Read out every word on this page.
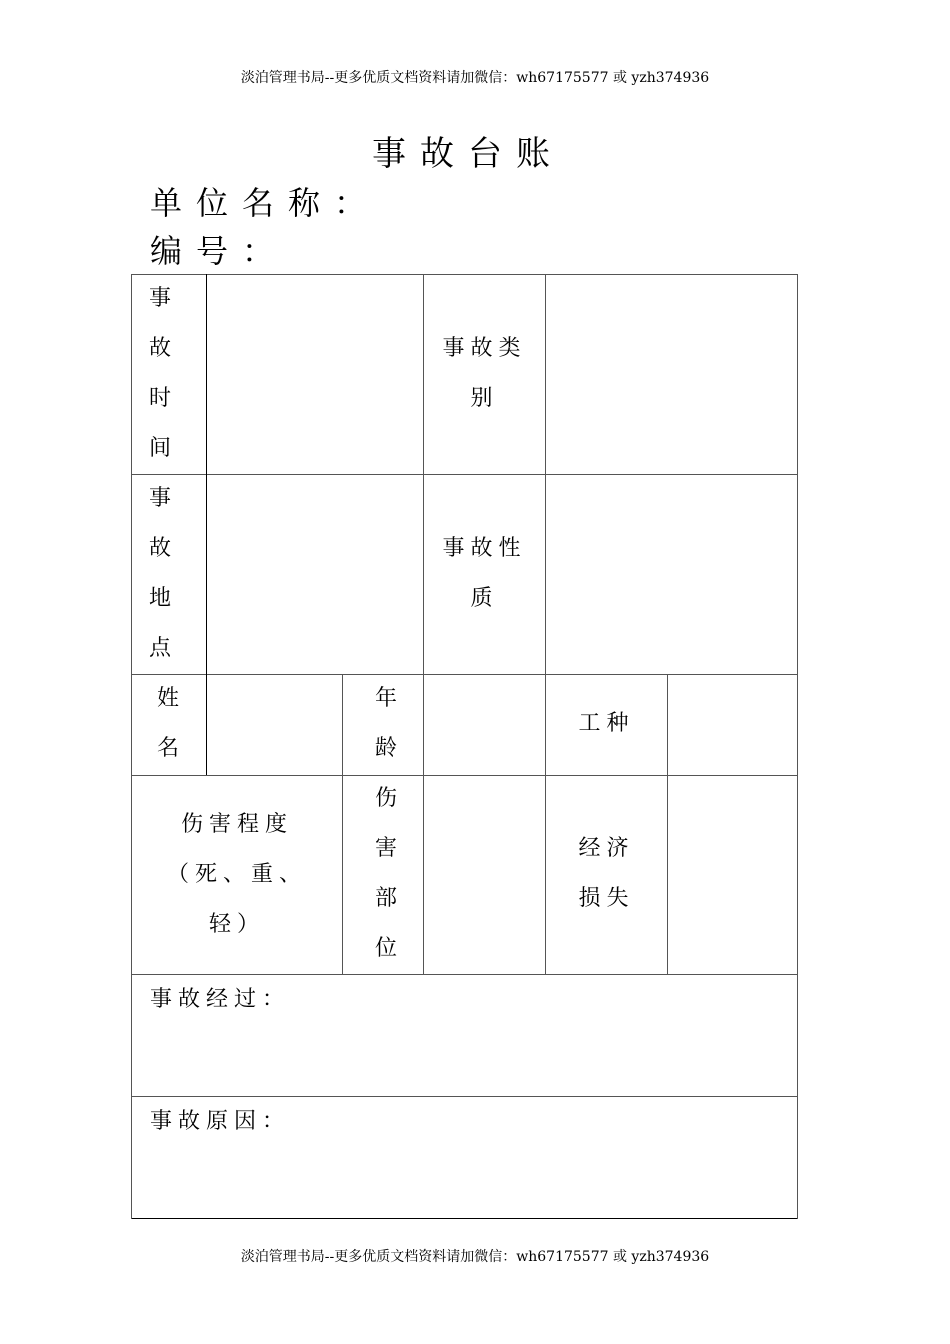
淡泊管理书局--更多优质文档资料请加微信：wh67175577 或 yzh374936
事故台账
单位名称：
编号：
事
故
时
间
事故类
别
事
故
地
点
事故性
质
姓
名
年
龄
工种
伤害程度
（死、重、
轻）
伤
害
部
位
经济
损失
事故经过：
事故原因：
淡泊管理书局--更多优质文档资料请加微信：wh67175577 或 yzh374936
